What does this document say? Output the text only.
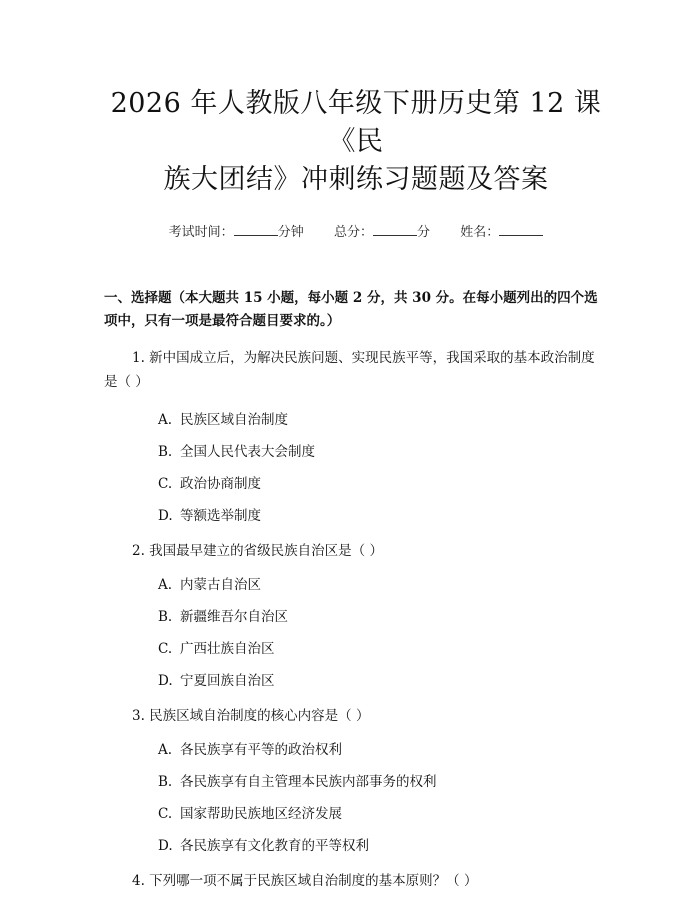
2026 年人教版八年级下册历史第 12 课《民
族大团结》冲刺练习题题及答案
考试时间：	分钟 总分：	分 姓名：
一、选择题（本大题共 15 小题，每小题 2 分，共 30 分。在每小题列出的四个选项中，只有一项是最符合题目要求的。）
1. 新中国成立后，为解决民族问题、实现民族平等，我国采取的基本政治制度是（ ）
A. 民族区域自治制度
B. 全国人民代表大会制度
C. 政治协商制度
D. 等额选举制度
2. 我国最早建立的省级民族自治区是（ ）
A. 内蒙古自治区
B. 新疆维吾尔自治区
C. 广西壮族自治区
D. 宁夏回族自治区
3. 民族区域自治制度的核心内容是（ ）
A. 各民族享有平等的政治权利
B. 各民族享有自主管理本民族内部事务的权利
C. 国家帮助民族地区经济发展
D. 各民族享有文化教育的平等权利
4. 下列哪一项不属于民族区域自治制度的基本原则？（ ）
